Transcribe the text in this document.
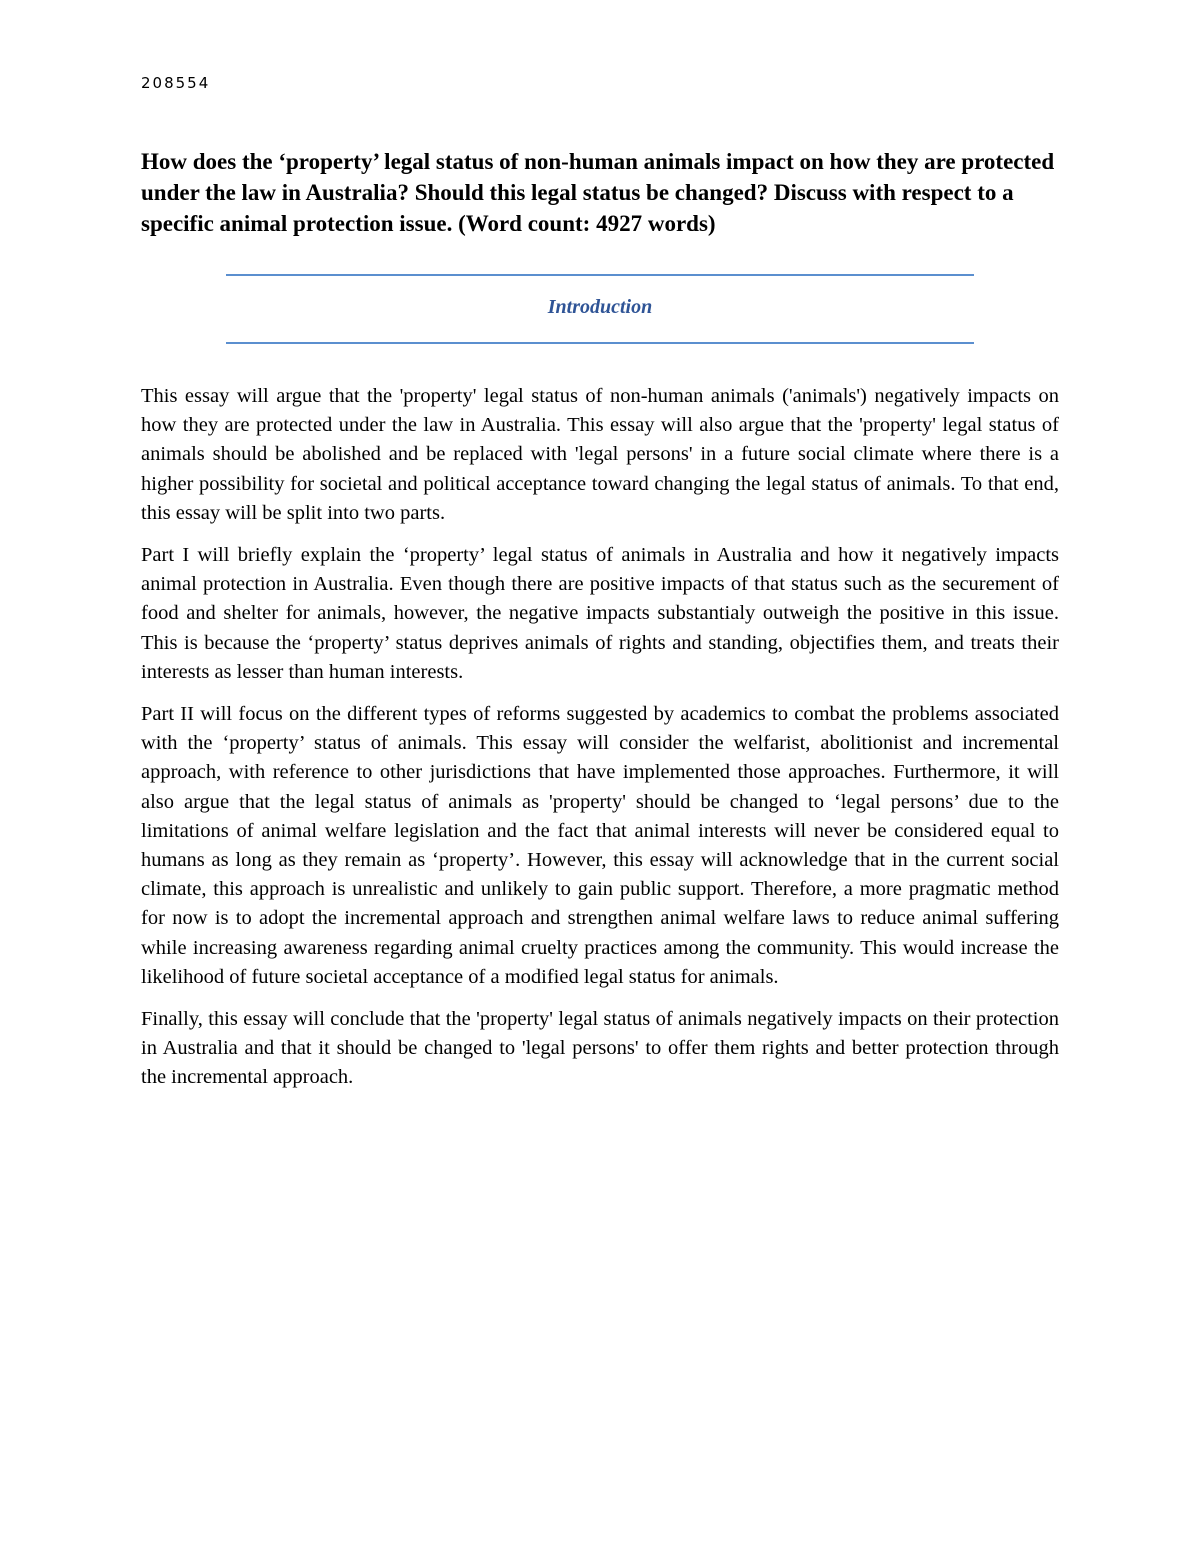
208554
How does the ‘property’ legal status of non-human animals impact on how they are protected under the law in Australia? Should this legal status be changed? Discuss with respect to a specific animal protection issue. (Word count: 4927 words)
Introduction

This essay will argue that the 'property' legal status of non-human animals ('animals') negatively impacts on how they are protected under the law in Australia. This essay will also argue that the 'property' legal status of animals should be abolished and be replaced with 'legal persons' in a future social climate where there is a higher possibility for societal and political acceptance toward changing the legal status of animals. To that end, this essay will be split into two parts.

Part I will briefly explain the ‘property’ legal status of animals in Australia and how it negatively impacts animal protection in Australia. Even though there are positive impacts of that status such as the securement of food and shelter for animals, however, the negative impacts substantialy outweigh the positive in this issue. This is because the ‘property’ status deprives animals of rights and standing, objectifies them, and treats their interests as lesser than human interests.

Part II will focus on the different types of reforms suggested by academics to combat the problems associated with the ‘property’ status of animals. This essay will consider the welfarist, abolitionist and incremental approach, with reference to other jurisdictions that have implemented those approaches. Furthermore, it will also argue that the legal status of animals as 'property' should be changed to ‘legal persons’ due to the limitations of animal welfare legislation and the fact that animal interests will never be considered equal to humans as long as they remain as ‘property’. However, this essay will acknowledge that in the current social climate, this approach is unrealistic and unlikely to gain public support. Therefore, a more pragmatic method for now is to adopt the incremental approach and strengthen animal welfare laws to reduce animal suffering while increasing awareness regarding animal cruelty practices among the community. This would increase the likelihood of future societal acceptance of a modified legal status for animals.

Finally, this essay will conclude that the 'property' legal status of animals negatively impacts on their protection in Australia and that it should be changed to 'legal persons' to offer them rights and better protection through the incremental approach.
